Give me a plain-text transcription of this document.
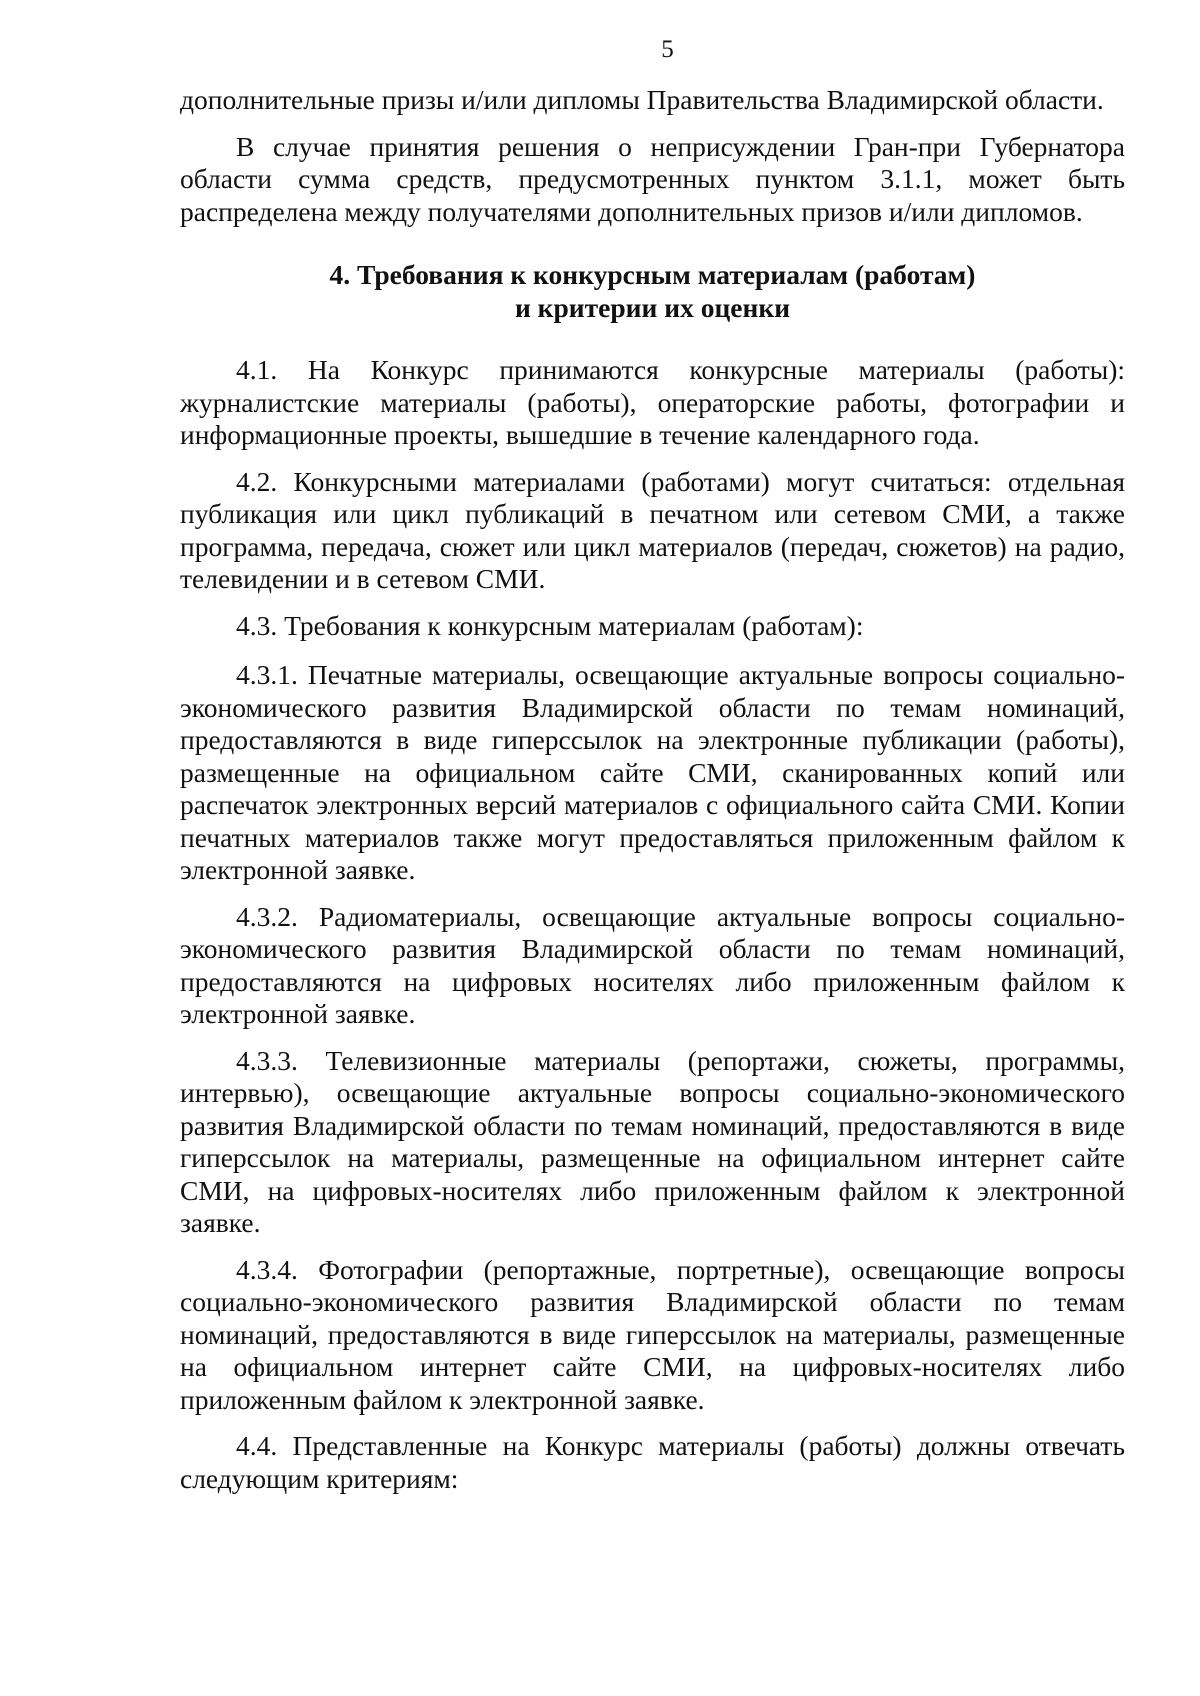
5

дополнительные призы и/или дипломы Правительства Владимирской области.

В случае принятия решения о неприсуждении Гран-при Губернатора области сумма средств, предусмотренных пунктом 3.1.1, может быть распределена между получателями дополнительных призов и/или дипломов.

4. Требования к конкурсным материалам (работам)
и критерии их оценки

4.1. На Конкурс принимаются конкурсные материалы (работы): журналистские материалы (работы), операторские работы, фотографии и информационные проекты, вышедшие в течение календарного года.

4.2. Конкурсными материалами (работами) могут считаться: отдельная публикация или цикл публикаций в печатном или сетевом СМИ, а также программа, передача, сюжет или цикл материалов (передач, сюжетов) на радио, телевидении и в сетевом СМИ.

4.3. Требования к конкурсным материалам (работам):

4.3.1. Печатные материалы, освещающие актуальные вопросы социально-экономического развития Владимирской области по темам номинаций, предоставляются в виде гиперссылок на электронные публикации (работы), размещенные на официальном сайте СМИ, сканированных копий или распечаток электронных версий материалов с официального сайта СМИ. Копии печатных материалов также могут предоставляться приложенным файлом к электронной заявке.

4.3.2. Радиоматериалы, освещающие актуальные вопросы социально-экономического развития Владимирской области по темам номинаций, предоставляются на цифровых носителях либо приложенным файлом к электронной заявке.

4.3.3. Телевизионные материалы (репортажи, сюжеты, программы, интервью), освещающие актуальные вопросы социально-экономического развития Владимирской области по темам номинаций, предоставляются в виде гиперссылок на материалы, размещенные на официальном интернет сайте СМИ, на цифровых-носителях либо приложенным файлом к электронной заявке.

4.3.4. Фотографии (репортажные, портретные), освещающие вопросы социально-экономического развития Владимирской области по темам номинаций, предоставляются в виде гиперссылок на материалы, размещенные на официальном интернет сайте СМИ, на цифровых-носителях либо приложенным файлом к электронной заявке.

4.4. Представленные на Конкурс материалы (работы) должны отвечать следующим критериям:
